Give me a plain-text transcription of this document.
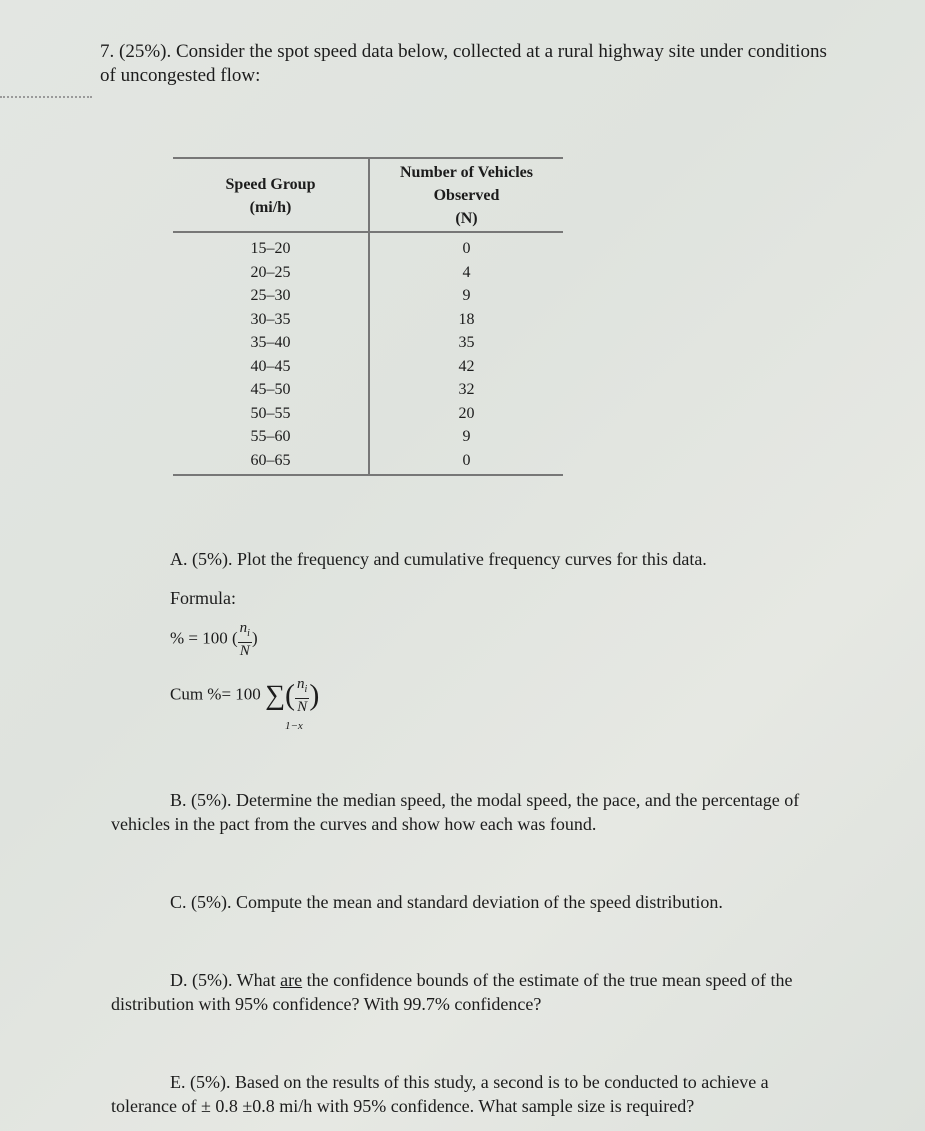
7. (25%). Consider the spot speed data below, collected at a rural highway site under conditions
of uncongested flow:
Speed Group
(mi/h)	Number of Vehicles
Observed
(N)

15–20	0
20–25	4
25–30	9
30–35	18
35–40	35
40–45	42
45–50	32
50–55	20
55–60	9
60–65	0
A. (5%). Plot the frequency and cumulative frequency curves for this data.
Formula:
% = 100 ( $\frac{n_i}{N}$ )
Cum %= 100 ∑( $\frac{n_i}{N}$ )
1−x
B. (5%). Determine the median speed, the modal speed, the pace, and the percentage of
vehicles in the pact from the curves and show how each was found.
C. (5%). Compute the mean and standard deviation of the speed distribution.
D. (5%). What are the confidence bounds of the estimate of the true mean speed of the
distribution with 95% confidence? With 99.7% confidence?
E. (5%). Based on the results of this study, a second is to be conducted to achieve a
tolerance of ± 0.8 ±0.8 mi/h with 95% confidence. What sample size is required?
